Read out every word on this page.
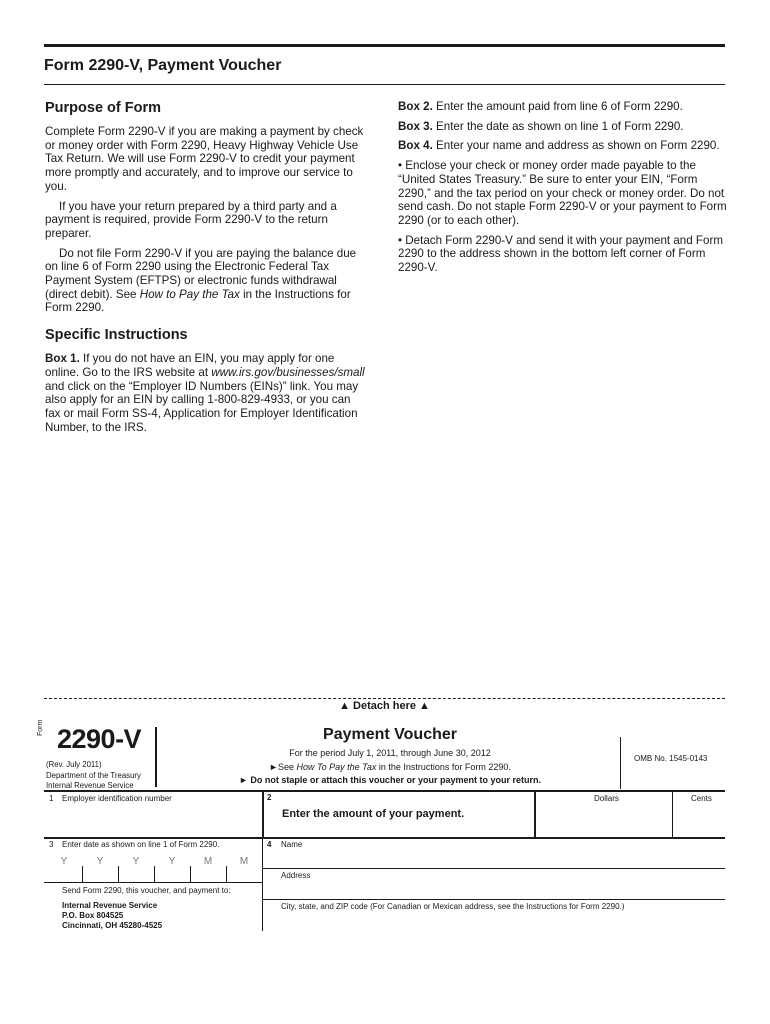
Form 2290-V, Payment Voucher
Purpose of Form

Complete Form 2290-V if you are making a payment by check or money order with Form 2290, Heavy Highway Vehicle Use Tax Return. We will use Form 2290-V to credit your payment more promptly and accurately, and to improve our service to you.

If you have your return prepared by a third party and a payment is required, provide Form 2290-V to the return preparer.

Do not file Form 2290-V if you are paying the balance due on line 6 of Form 2290 using the Electronic Federal Tax Payment System (EFTPS) or electronic funds withdrawal (direct debit). See How to Pay the Tax in the Instructions for Form 2290.

Specific Instructions

Box 1. If you do not have an EIN, you may apply for one online. Go to the IRS website at www.irs.gov/businesses/small and click on the “Employer ID Numbers (EINs)” link. You may also apply for an EIN by calling 1-800-829-4933, or you can fax or mail Form SS-4, Application for Employer Identification Number, to the IRS.

Box 2. Enter the amount paid from line 6 of Form 2290.

Box 3. Enter the date as shown on line 1 of Form 2290.

Box 4. Enter your name and address as shown on Form 2290.

• Enclose your check or money order made payable to the “United States Treasury.” Be sure to enter your EIN, “Form 2290,” and the tax period on your check or money order. Do not send cash. Do not staple Form 2290-V or your payment to Form 2290 (or to each other).

• Detach Form 2290-V and send it with your payment and Form 2290 to the address shown in the bottom left corner of Form 2290-V.

▲ Detach here ▲
Form 2290-V
(Rev. July 2011)
Department of the Treasury
Internal Revenue Service
Payment Voucher
For the period July 1, 2011, through June 30, 2012
►See How To Pay the Tax in the Instructions for Form 2290.
► Do not staple or attach this voucher or your payment to your return.
OMB No. 1545-0143
1 Employer identification number	2
Enter the amount of your payment.
Dollars	Cents
3 Enter date as shown on line 1 of Form 2290.
Y	Y	Y	Y	M	M
Send Form 2290, this voucher, and payment to:
Internal Revenue Service
P.O. Box 804525
Cincinnati, OH 45280-4525
4 Name
Address
City, state, and ZIP code (For Canadian or Mexican address, see the Instructions for Form 2290.)
